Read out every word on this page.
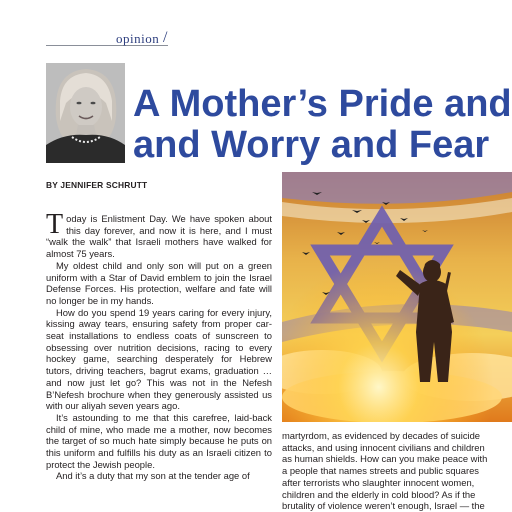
opinion /
A Mother’s Pride and
and Worry and Fear
BY JENNIFER SCHRUTT

Today is Enlistment Day. We have spoken about this day forever, and now it is here, and I must “walk the walk” that Israeli mothers have walked for almost 75 years.

My oldest child and only son will put on a green uniform with a Star of David emblem to join the Israel Defense Forces. His protection, welfare and fate will no longer be in my hands.

How do you spend 19 years caring for every injury, kissing away tears, ensuring safety from proper car-seat installations to endless coats of sunscreen to obsessing over nutrition decisions, racing to every hockey game, searching desperately for Hebrew tutors, driving teachers, bagrut exams, graduation … and now just let go? This was not in the Nefesh B’Nefesh brochure when they generously assisted us with our aliyah seven years ago.

It’s astounding to me that this carefree, laid-back child of mine, who made me a mother, now becomes the target of so much hate simply because he puts on this uniform and fulfills his duty as an Israeli citizen to protect the Jewish people.

And it’s a duty that my son at the tender age of

martyrdom, as evidenced by decades of suicide
attacks, and using innocent civilians and children
as human shields. How can you make peace with
a people that names streets and public squares
after terrorists who slaughter innocent women,
children and the elderly in cold blood? As if the
brutality of violence weren’t enough, Israel — the
